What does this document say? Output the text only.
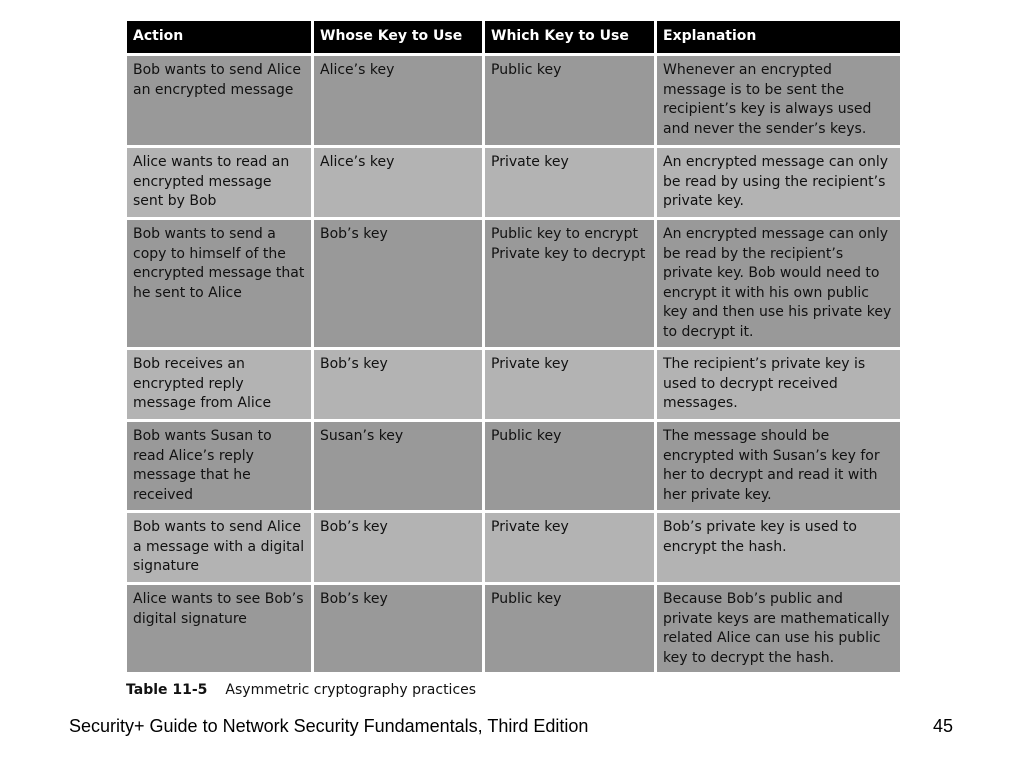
Action	Whose Key to Use	Which Key to Use	Explanation
Bob wants to send Alice an encrypted message	Alice’s key	Public key	Whenever an encrypted message is to be sent the recipient’s key is always used and never the sender’s keys.
Alice wants to read an encrypted message sent by Bob	Alice’s key	Private key	An encrypted message can only be read by using the recipient’s private key.
Bob wants to send a copy to himself of the encrypted message that he sent to Alice	Bob’s key	Public key to encrypt Private key to decrypt	An encrypted message can only be read by the recipient’s private key. Bob would need to encrypt it with his own public key and then use his private key to decrypt it.
Bob receives an encrypted reply message from Alice	Bob’s key	Private key	The recipient’s private key is used to decrypt received messages.
Bob wants Susan to read Alice’s reply message that he received	Susan’s key	Public key	The message should be encrypted with Susan’s key for her to decrypt and read it with her private key.
Bob wants to send Alice a message with a digital signature	Bob’s key	Private key	Bob’s private key is used to encrypt the hash.
Alice wants to see Bob’s digital signature	Bob’s key	Public key	Because Bob’s public and private keys are mathematically related Alice can use his public key to decrypt the hash.
Table 11-5 Asymmetric cryptography practices
Security+ Guide to Network Security Fundamentals, Third Edition	45
